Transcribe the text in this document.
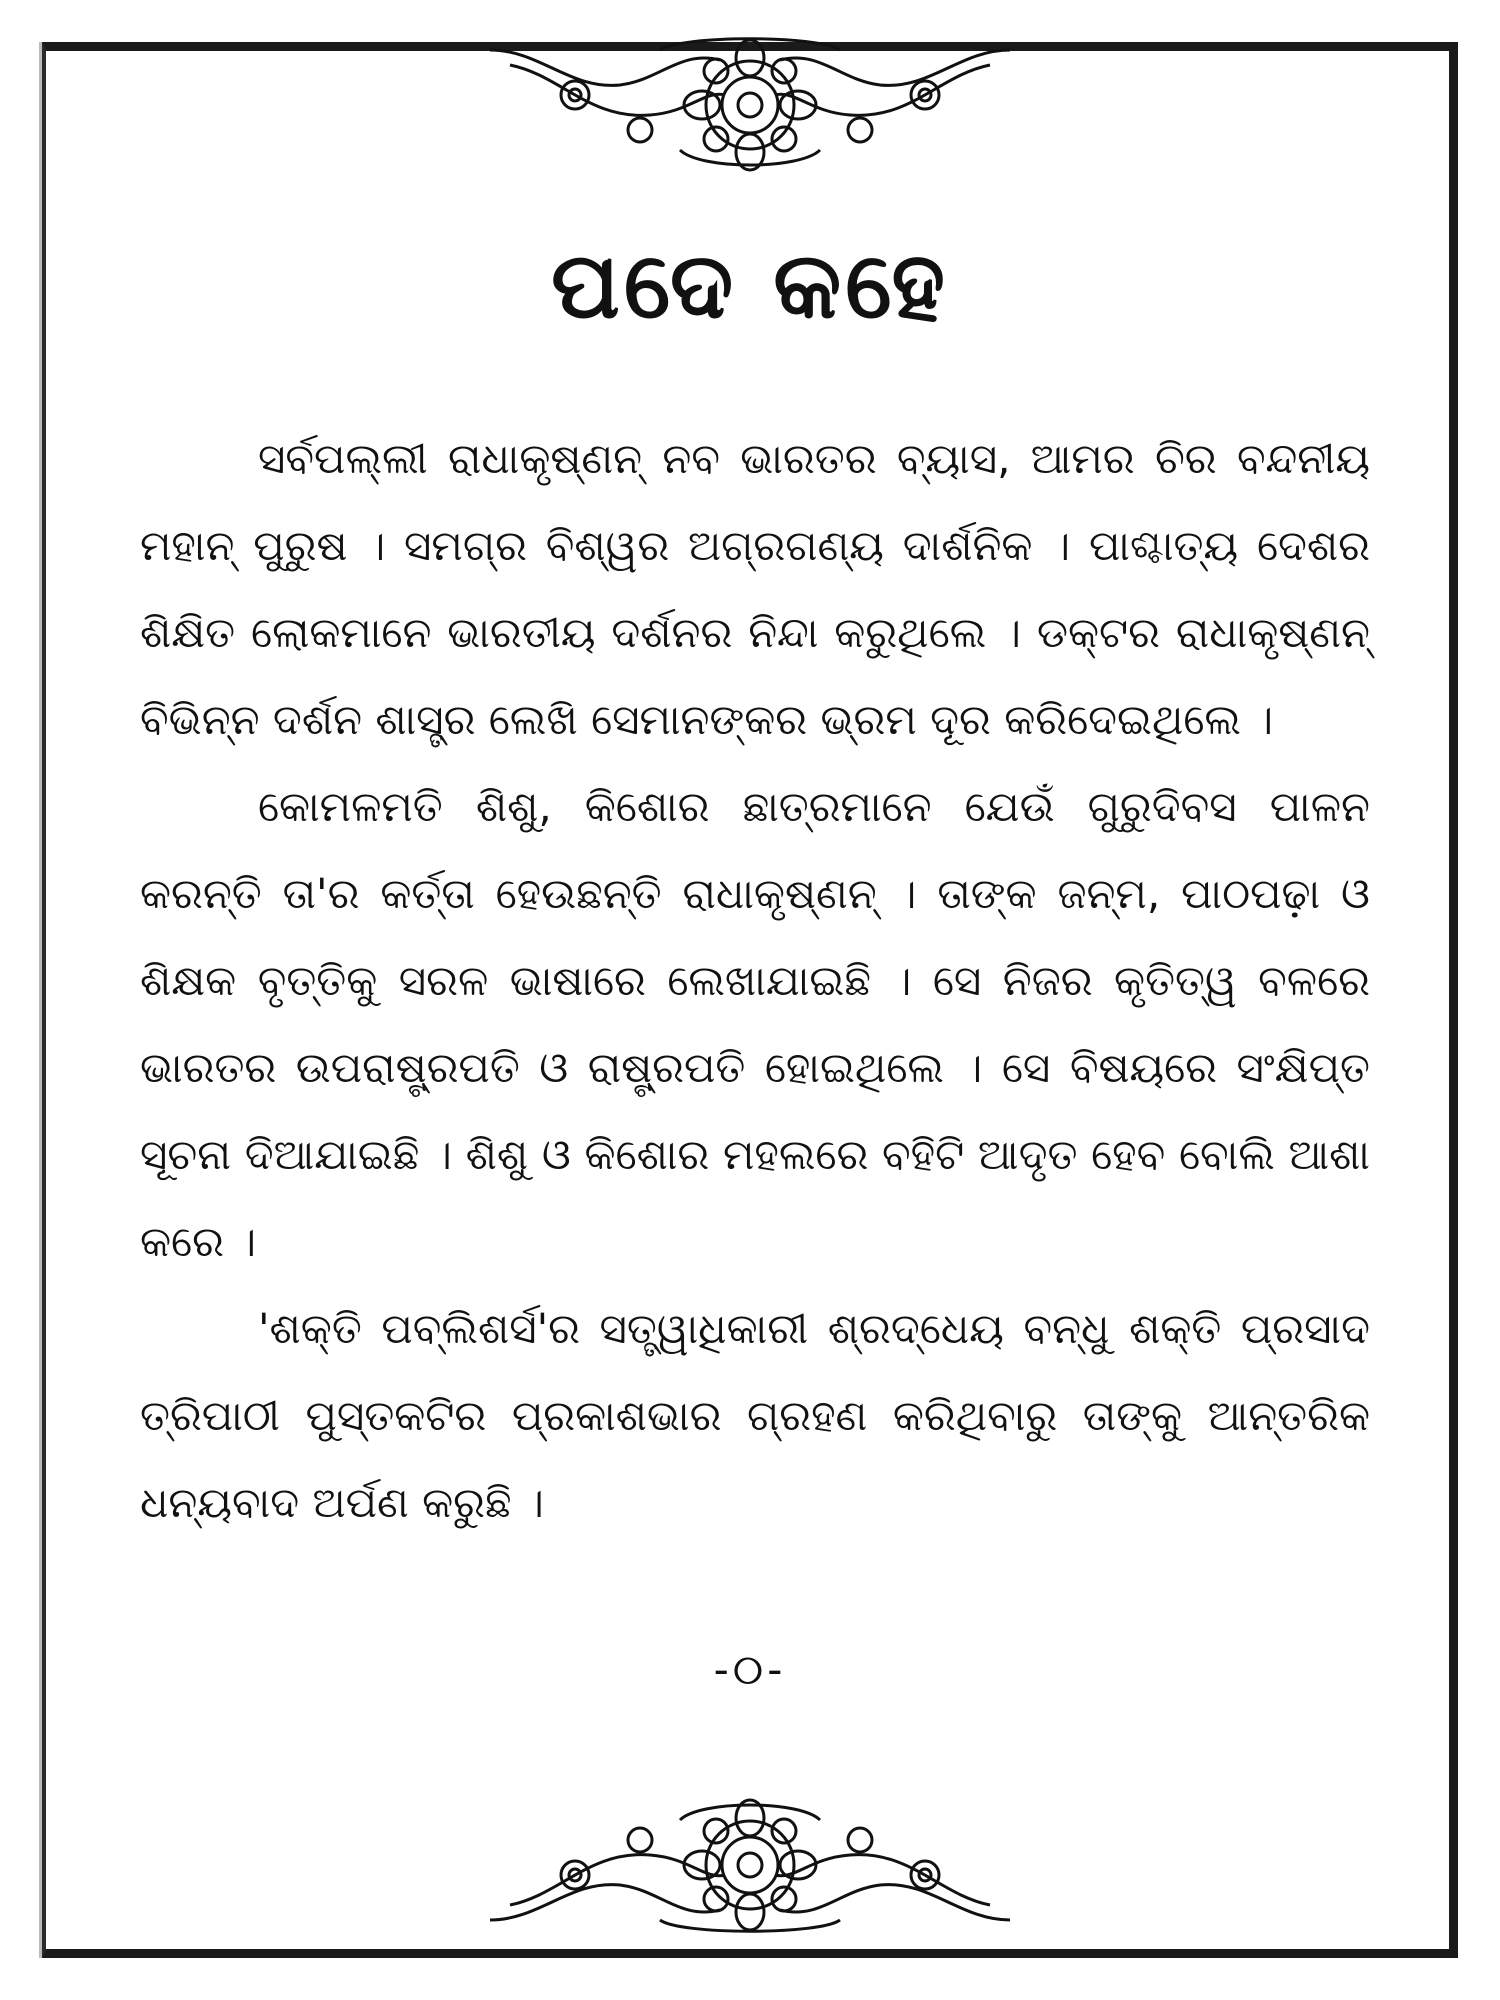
ପଦେ କହେ

ସର୍ବପଲ୍ଲୀ ରାଧାକୃଷ୍ଣନ୍ ନବ ଭାରତର ବ୍ୟାସ, ଆମର ଚିର ବନ୍ଦନୀୟ ମହାନ୍ ପୁରୁଷ । ସମଗ୍ର ବିଶ୍ୱର ଅଗ୍ରଗଣ୍ୟ ଦାର୍ଶନିକ । ପାଶ୍ଚାତ୍ୟ ଦେଶର ଶିକ୍ଷିତ ଲୋକମାନେ ଭାରତୀୟ ଦର୍ଶନର ନିନ୍ଦା କରୁଥିଲେ । ଡକ୍ଟର ରାଧାକୃଷ୍ଣନ୍ ବିଭିନ୍ନ ଦର୍ଶନ ଶାସ୍ତ୍ର ଲେଖି ସେମାନଙ୍କର ଭ୍ରମ ଦୂର କରିଦେଇଥିଲେ ।

କୋମଳମତି ଶିଶୁ, କିଶୋର ଛାତ୍ରମାନେ ଯେଉଁ ଗୁରୁଦିବସ ପାଳନ କରନ୍ତି ତା'ର କର୍ତ୍ତା ହେଉଛନ୍ତି ରାଧାକୃଷ୍ଣନ୍ । ତାଙ୍କ ଜନ୍ମ, ପାଠପଢ଼ା ଓ ଶିକ୍ଷକ ବୃତ୍ତିକୁ ସରଳ ଭାଷାରେ ଲେଖାଯାଇଛି । ସେ ନିଜର କୃତିତ୍ୱ ବଳରେ ଭାରତର ଉପରାଷ୍ଟ୍ରପତି ଓ ରାଷ୍ଟ୍ରପତି ହୋଇଥିଲେ । ସେ ବିଷୟରେ ସଂକ୍ଷିପ୍ତ ସୂଚନା ଦିଆଯାଇଛି । ଶିଶୁ ଓ କିଶୋର ମହଲରେ ବହିଟି ଆଦୃତ ହେବ ବୋଲି ଆଶା କରେ ।

'ଶକ୍ତି ପବ୍ଲିଶର୍ସ'ର ସତ୍ତ୍ୱାଧିକାରୀ ଶ୍ରଦ୍ଧେୟ ବନ୍ଧୁ ଶକ୍ତି ପ୍ରସାଦ ତ୍ରିପାଠୀ ପୁସ୍ତକଟିର ପ୍ରକାଶଭାର ଗ୍ରହଣ କରିଥିବାରୁ ତାଙ୍କୁ ଆନ୍ତରିକ ଧନ୍ୟବାଦ ଅର୍ପଣ କରୁଛି ।

-୦-
